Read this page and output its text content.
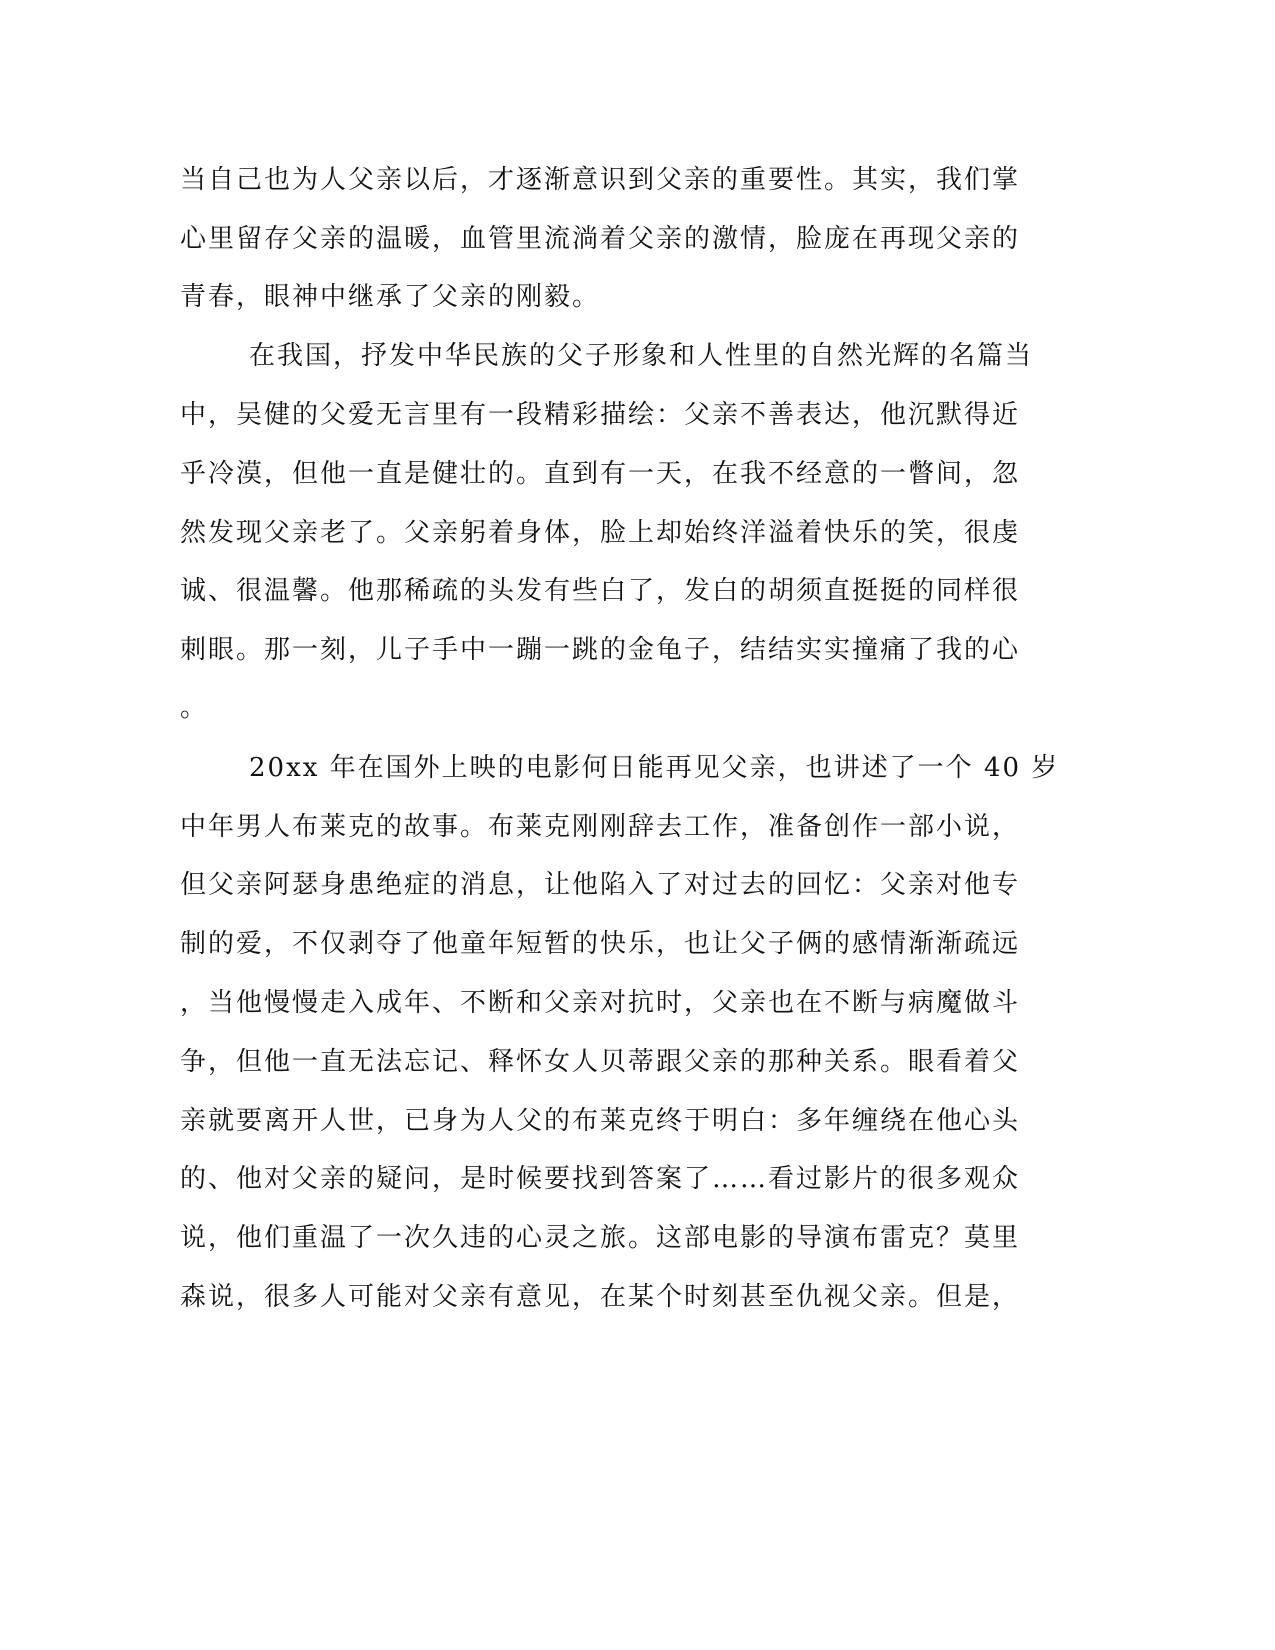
当自己也为人父亲以后，才逐渐意识到父亲的重要性。其实，我们掌
心里留存父亲的温暖，血管里流淌着父亲的激情，脸庞在再现父亲的
青春，眼神中继承了父亲的刚毅。
在我国，抒发中华民族的父子形象和人性里的自然光辉的名篇当
中，吴健的父爱无言里有一段精彩描绘：父亲不善表达，他沉默得近
乎冷漠，但他一直是健壮的。直到有一天，在我不经意的一瞥间，忽
然发现父亲老了。父亲躬着身体，脸上却始终洋溢着快乐的笑，很虔
诚、很温馨。他那稀疏的头发有些白了，发白的胡须直挺挺的同样很
刺眼。那一刻，儿子手中一蹦一跳的金龟子，结结实实撞痛了我的心
。
20xx 年在国外上映的电影何日能再见父亲，也讲述了一个 40 岁
中年男人布莱克的故事。布莱克刚刚辞去工作，准备创作一部小说，
但父亲阿瑟身患绝症的消息，让他陷入了对过去的回忆：父亲对他专
制的爱，不仅剥夺了他童年短暂的快乐，也让父子俩的感情渐渐疏远
，当他慢慢走入成年、不断和父亲对抗时，父亲也在不断与病魔做斗
争，但他一直无法忘记、释怀女人贝蒂跟父亲的那种关系。眼看着父
亲就要离开人世，已身为人父的布莱克终于明白：多年缠绕在他心头
的、他对父亲的疑问，是时候要找到答案了……看过影片的很多观众
说，他们重温了一次久违的心灵之旅。这部电影的导演布雷克？莫里
森说，很多人可能对父亲有意见，在某个时刻甚至仇视父亲。但是，
